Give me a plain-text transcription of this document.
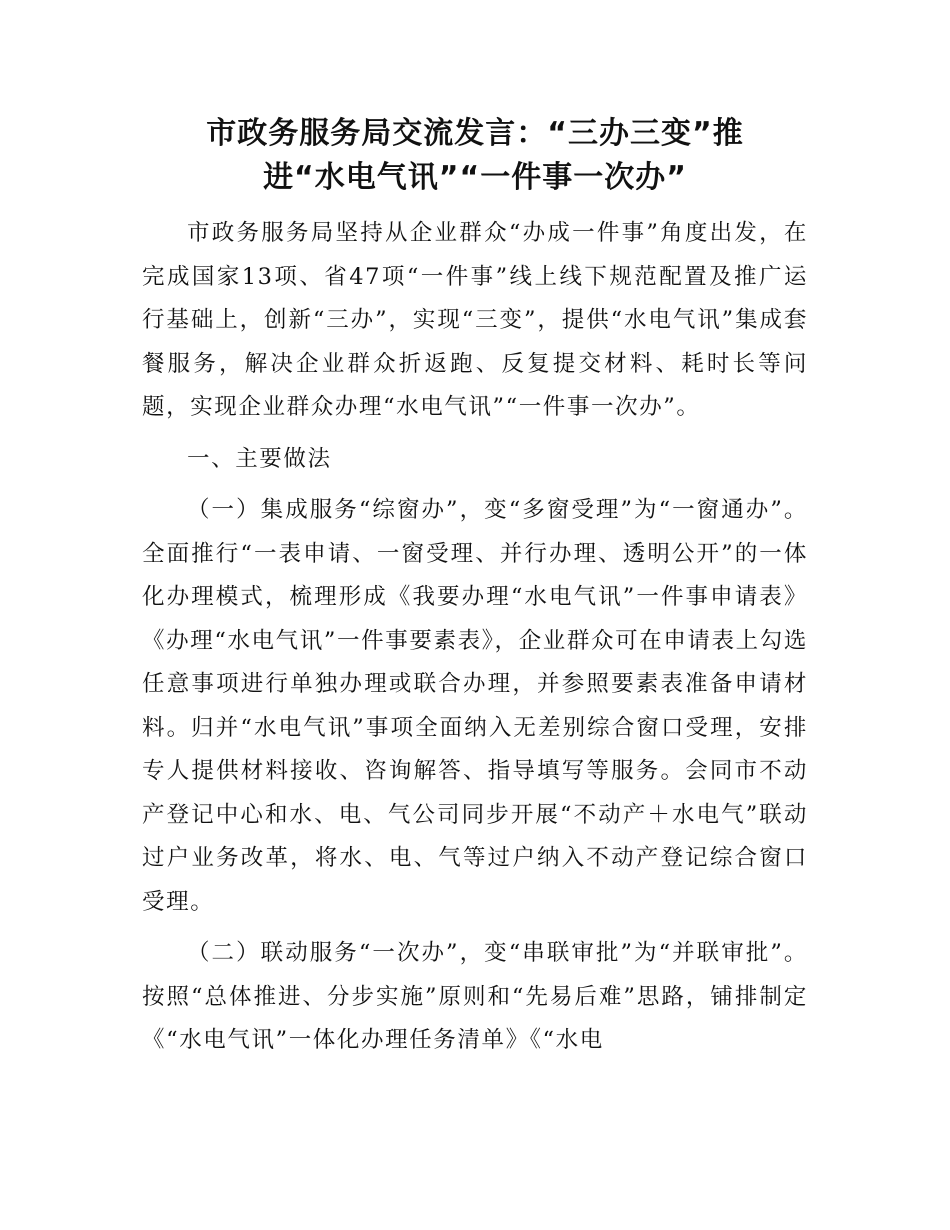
市政务服务局交流发言：“三办三变”推
进“水电气讯”“一件事一次办”

市政务服务局坚持从企业群众“办成一件事”角度出发，在完成国家13项、省47项“一件事”线上线下规范配置及推广运行基础上，创新“三办”，实现“三变”，提供“水电气讯”集成套餐服务，解决企业群众折返跑、反复提交材料、耗时长等问题，实现企业群众办理“水电气讯”“一件事一次办”。

一、主要做法

（一）集成服务“综窗办”，变“多窗受理”为“一窗通办”。全面推行“一表申请、一窗受理、并行办理、透明公开”的一体化办理模式，梳理形成《我要办理“水电气讯”一件事申请表》《办理“水电气讯”一件事要素表》，企业群众可在申请表上勾选任意事项进行单独办理或联合办理，并参照要素表准备申请材料。归并“水电气讯”事项全面纳入无差别综合窗口受理，安排专人提供材料接收、咨询解答、指导填写等服务。会同市不动产登记中心和水、电、气公司同步开展“不动产＋水电气”联动过户业务改革，将水、电、气等过户纳入不动产登记综合窗口受理。

（二）联动服务“一次办”，变“串联审批”为“并联审批”。按照“总体推进、分步实施”原则和“先易后难”思路，铺排制定《“水电气讯”一体化办理任务清单》《“水电
